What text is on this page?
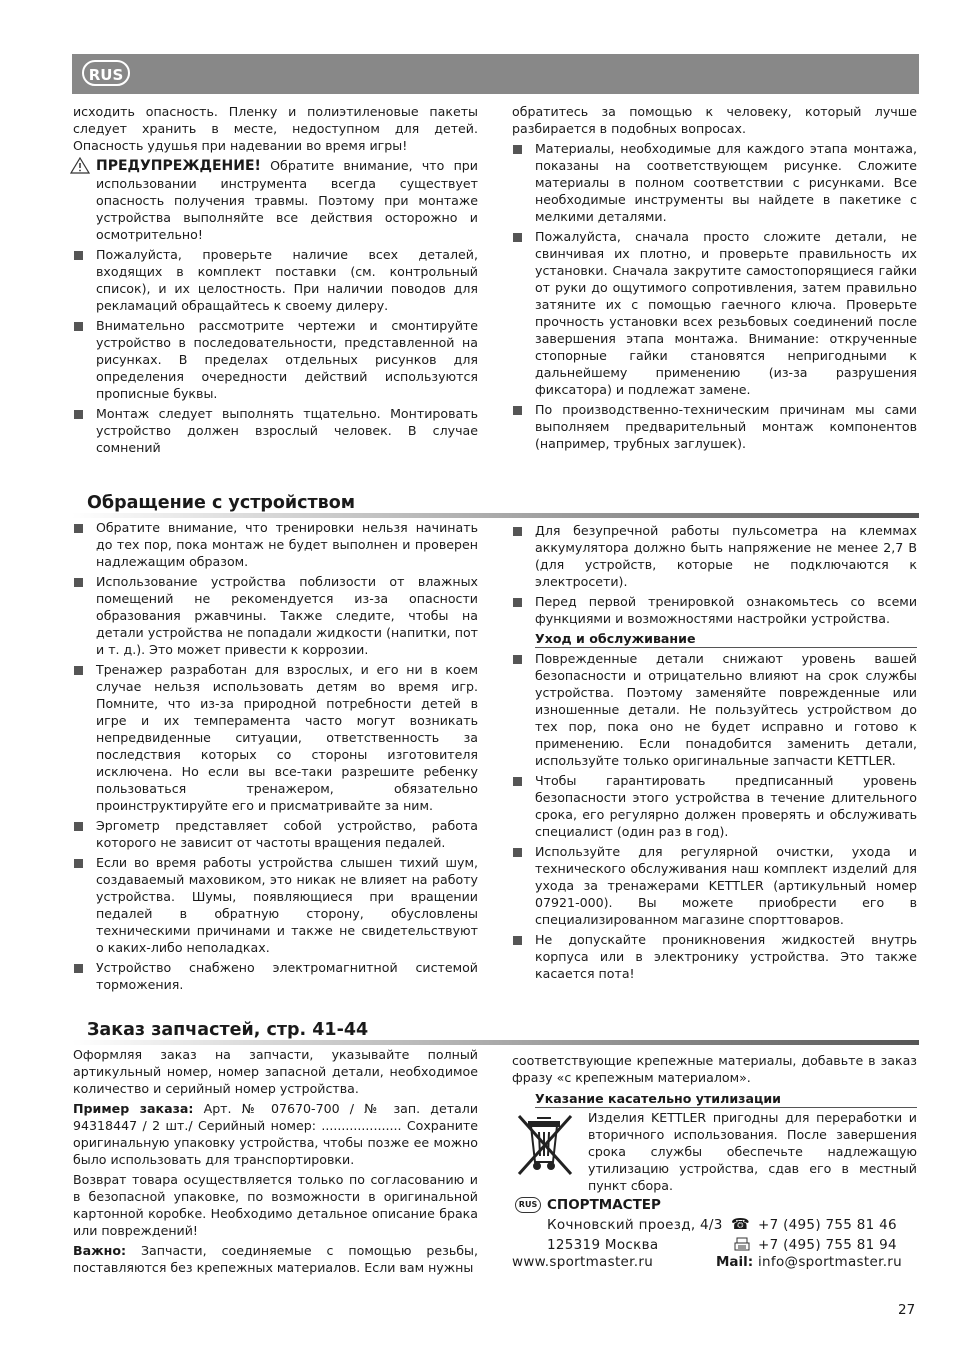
RUS

исходить опасность. Пленку и полиэтиленовые пакеты следует хранить в месте, недоступном для детей. Опасность удушья при надевании во время игры!

ПРЕДУПРЕЖДЕНИЕ! Обратите внимание, что при использовании инструмента всегда существует опасность получения травмы. Поэтому при монтаже устройства выполняйте все действия осторожно и осмотрительно!
Пожалуйста, проверьте наличие всех деталей, входящих в комплект поставки (см. контрольный список), и их целостность. При наличии поводов для рекламаций обращайтесь к своему дилеру.
Внимательно рассмотрите чертежи и смонтируйте устройство в последовательности, представленной на рисунках. В пределах отдельных рисунков для определения очередности действий используются прописные буквы.
Монтаж следует выполнять тщательно. Монтировать устройство должен взрослый человек. В случае сомнений

обратитесь за помощью к человеку, который лучше разбирается в подобных вопросах.

Материалы, необходимые для каждого этапа монтажа, показаны на соответствующем рисунке. Сложите материалы в полном соответствии с рисунками. Все необходимые инструменты вы найдете в пакетике с мелкими деталями.
Пожалуйста, сначала просто сложите детали, не свинчивая их плотно, и проверьте правильность их установки. Сначала закрутите самостопорящиеся гайки от руки до ощутимого сопротивления, затем правильно затяните их с помощью гаечного ключа. Проверьте прочность установки всех резьбовых соединений после завершения этапа монтажа. Внимание: открученные стопорные гайки становятся непригодными к дальнейшему применению (из-за разрушения фиксатора) и подлежат замене.
По производственно-техническим причинам мы сами выполняем предварительный монтаж компонентов (например, трубных заглушек).
Обращение с устройством
Обратите внимание, что тренировки нельзя начинать до тех пор, пока монтаж не будет выполнен и проверен надлежащим образом.
Использование устройства поблизости от влажных помещений не рекомендуется из-за опасности образования ржавчины. Также следите, чтобы на детали устройства не попадали жидкости (напитки, пот и т. д.). Это может привести к коррозии.
Тренажер разработан для взрослых, и его ни в коем случае нельзя использовать детям во время игр. Помните, что из-за природной потребности детей в игре и их темперамента часто могут возникать непредвиденные ситуации, ответственность за последствия которых со стороны изготовителя исключена. Но если вы все-таки разрешите ребенку пользоваться тренажером, обязательно проинструктируйте его и присматривайте за ним.
Эргометр представляет собой устройство, работа которого не зависит от частоты вращения педалей.
Если во время работы устройства слышен тихий шум, создаваемый маховиком, это никак не влияет на работу устройства. Шумы, появляющиеся при вращении педалей в обратную сторону, обусловлены техническими причинами и также не свидетельствуют о каких-либо неполадках.
Устройство снабжено электромагнитной системой торможения.
Для безупречной работы пульсометра на клеммах аккумулятора должно быть напряжение не менее 2,7 В (для устройств, которые не подключаются к электросети).
Перед первой тренировкой ознакомьтесь со всеми функциями и возможностями настройки устройства.
Уход и обслуживание
Поврежденные детали снижают уровень вашей безопасности и отрицательно влияют на срок службы устройства. Поэтому заменяйте поврежденные или изношенные детали. Не пользуйтесь устройством до тех пор, пока оно не будет исправно и готово к применению. Если понадобится заменить детали, используйте только оригинальные запчасти KETTLER.
Чтобы гарантировать предписанный уровень безопасности этого устройства в течение длительного срока, его регулярно должен проверять и обслуживать специалист (один раз в год).
Используйте для регулярной очистки, ухода и технического обслуживания наш комплект изделий для ухода за тренажерами KETTLER (артикульный номер 07921-000). Вы можете приобрести его в специализированном магазине спорттоваров.
Не допускайте проникновения жидкостей внутрь корпуса или в электронику устройства. Это также касается пота!
Заказ запчастей, стр. 41-44

Оформляя заказ на запчасти, указывайте полный артикульный номер, номер запасной детали, необходимое количество и серийный номер устройства.

Пример заказа: Арт. № 07670-700 / № зап. детали 94318447 / 2 шт./ Серийный номер: .................... Сохраните оригинальную упаковку устройства, чтобы позже ее можно было использовать для транспортировки.

Возврат товара осуществляется только по согласованию и в безопасной упаковке, по возможности в оригинальной картонной коробке. Необходимо детальное описание брака или повреждений!

Важно: Запчасти, соединяемые с помощью резьбы, поставляются без крепежных материалов. Если вам нужны

соответствующие крепежные материалы, добавьте в заказ фразу «с крепежным материалом».

Указание касательно утилизации
Изделия KETTLER пригодны для переработки и вторичного использования. После завершения срока службы обеспечьте надлежащую утилизацию устройства, сдав его в местный пункт сбора.
RUS СПОРТМАСТЕР
Кочновский проезд, 4/3
125319 Москва
☎ +7 (495) 755 81 46
+7 (495) 755 81 94
www.sportmaster.ru	Mail: info@sportmaster.ru
27
